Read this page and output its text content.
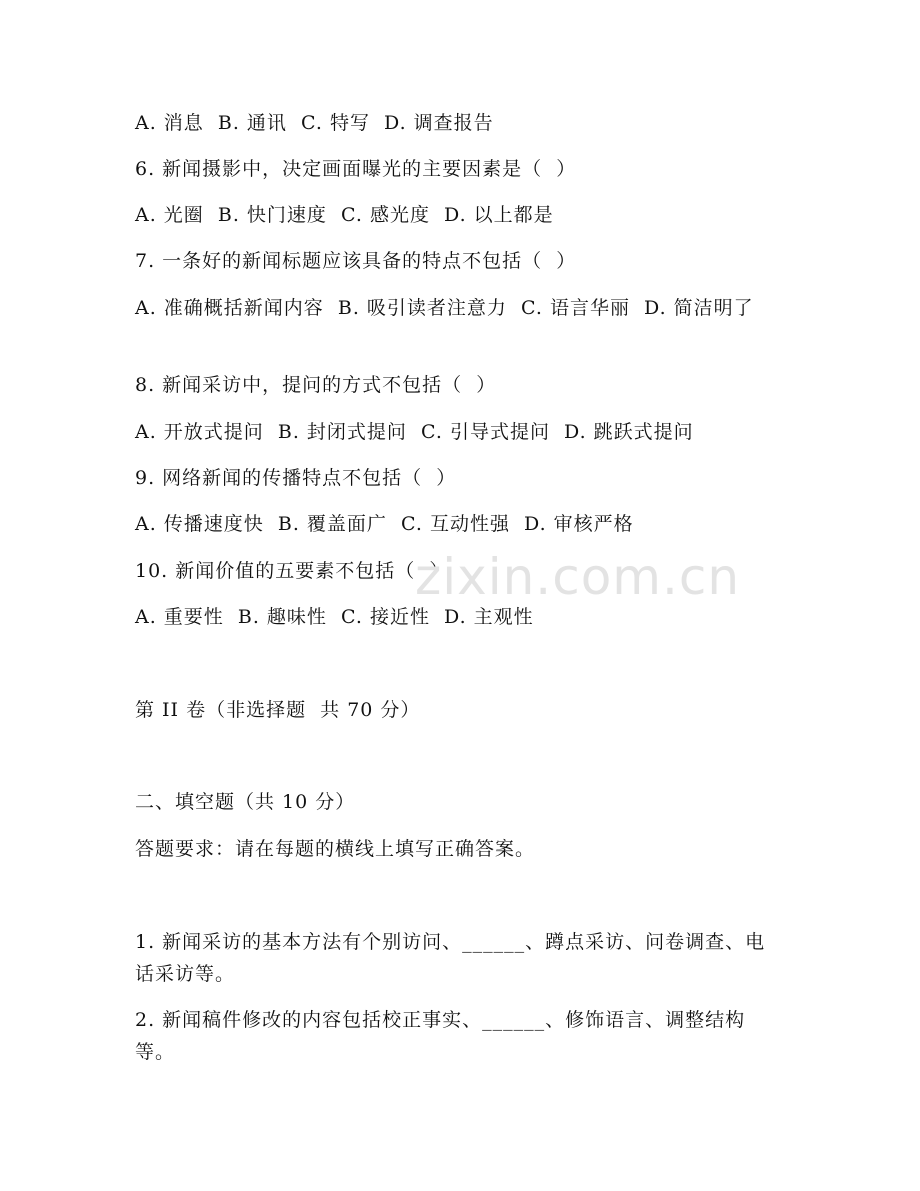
A. 消息  B. 通讯  C. 特写  D. 调查报告
6. 新闻摄影中，决定画面曝光的主要因素是（  ）
A. 光圈  B. 快门速度  C. 感光度  D. 以上都是
7. 一条好的新闻标题应该具备的特点不包括（  ）
A. 准确概括新闻内容  B. 吸引读者注意力  C. 语言华丽  D. 简洁明了
8. 新闻采访中，提问的方式不包括（  ）
A. 开放式提问  B. 封闭式提问  C. 引导式提问  D. 跳跃式提问
9. 网络新闻的传播特点不包括（  ）
A. 传播速度快  B. 覆盖面广  C. 互动性强  D. 审核严格
10. 新闻价值的五要素不包括（  ）
A. 重要性  B. 趣味性  C. 接近性  D. 主观性
第 II 卷（非选择题  共 70 分）
二、填空题（共 10 分）
答题要求：请在每题的横线上填写正确答案。
1. 新闻采访的基本方法有个别访问、______、蹲点采访、问卷调查、电话采访等。
2. 新闻稿件修改的内容包括校正事实、______、修饰语言、调整结构等。
zixin.com.cn
